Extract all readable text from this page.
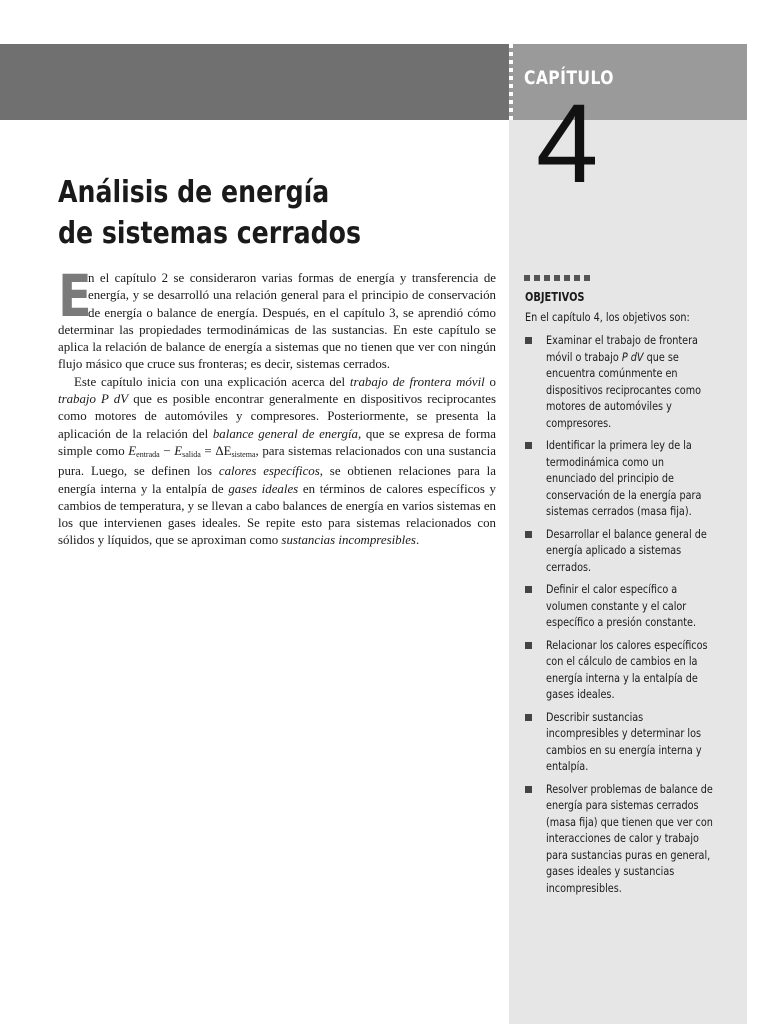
CAPÍTULO
4
Análisis de energía
de sistemas cerrados

E
n el capítulo 2 se consideraron varias formas de energía y transferencia de energía, y se desarrolló una relación general para el principio de conservación de energía o balance de energía. Después, en el capítulo 3, se aprendió cómo determinar las propiedades termodinámicas de las sustancias. En este capítulo se aplica la relación de balance de energía a sistemas que no tienen que ver con ningún flujo másico que cruce sus fronteras; es decir, sistemas cerrados.

Este capítulo inicia con una explicación acerca del trabajo de frontera móvil o trabajo P dV que es posible encontrar generalmente en dispositivos reciprocantes como motores de automóviles y compresores. Posteriormente, se presenta la aplicación de la relación del balance general de energía, que se expresa de forma simple como $E_{entrada} - E_{salida} = \Delta E_{sistema}$, para sistemas relacionados con una sustancia pura. Luego, se definen los calores específicos, se obtienen relaciones para la energía interna y la entalpía de gases ideales en términos de calores específicos y cambios de temperatura, y se llevan a cabo balances de energía en varios sistemas en los que intervienen gases ideales. Se repite esto para sistemas relacionados con sólidos y líquidos, que se aproximan como sustancias incompresibles.

OBJETIVOS
En el capítulo 4, los objetivos son:
Examinar el trabajo de frontera móvil o trabajo P dV que se encuentra comúnmente en dispositivos reciprocantes como motores de automóviles y compresores.
Identificar la primera ley de la termodinámica como un enunciado del principio de conservación de la energía para sistemas cerrados (masa fija).
Desarrollar el balance general de energía aplicado a sistemas cerrados.
Definir el calor específico a volumen constante y el calor específico a presión constante.
Relacionar los calores específicos con el cálculo de cambios en la energía interna y la entalpía de gases ideales.
Describir sustancias incompresibles y determinar los cambios en su energía interna y entalpía.
Resolver problemas de balance de energía para sistemas cerrados (masa fija) que tienen que ver con interacciones de calor y trabajo para sustancias puras en general, gases ideales y sustancias incompresibles.
